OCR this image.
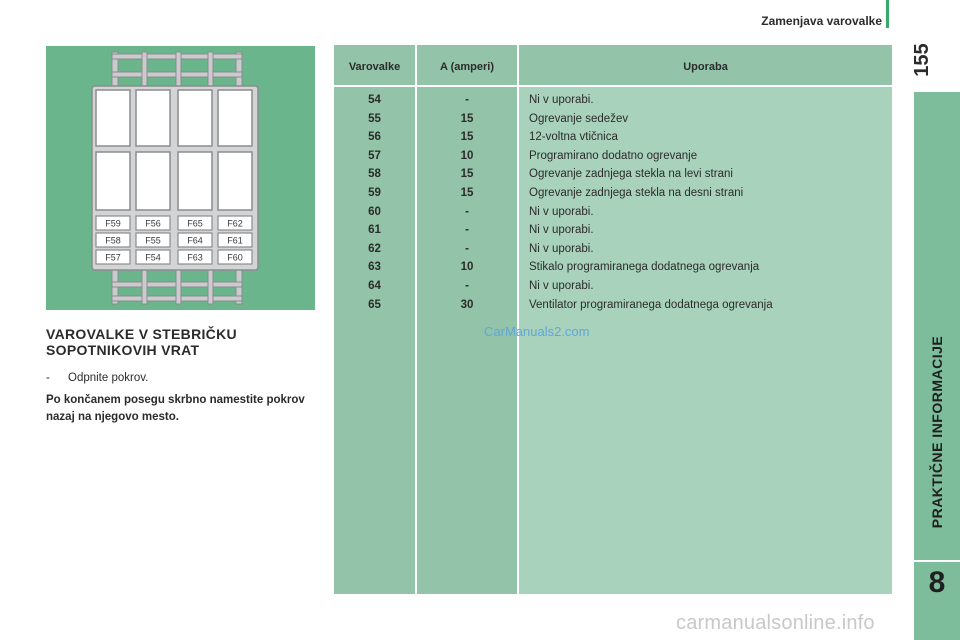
Zamenjava varovalke
155
PRAKTIČNE INFORMACIJE
8
F59	F56	F65	F62
F58	F55	F64	F61
F57	F54	F63	F60
VAROVALKE V STEBRIČKU
SOPOTNIKOVIH VRAT
- Odpnite pokrov.
Po končanem posegu skrbno namestite pokrov nazaj na njegovo mesto.
Varovalke	A (amperi)	Uporaba
54	-	Ni v uporabi.
55	15	Ogrevanje sedežev
56	15	12-voltna vtičnica
57	10	Programirano dodatno ogrevanje
58	15	Ogrevanje zadnjega stekla na levi strani
59	15	Ogrevanje zadnjega stekla na desni strani
60	-	Ni v uporabi.
61	-	Ni v uporabi.
62	-	Ni v uporabi.
63	10	Stikalo programiranega dodatnega ogrevanja
64	-	Ni v uporabi.
65	30	Ventilator programiranega dodatnega ogrevanja
CarManuals2.com
carmanualsonline.info
